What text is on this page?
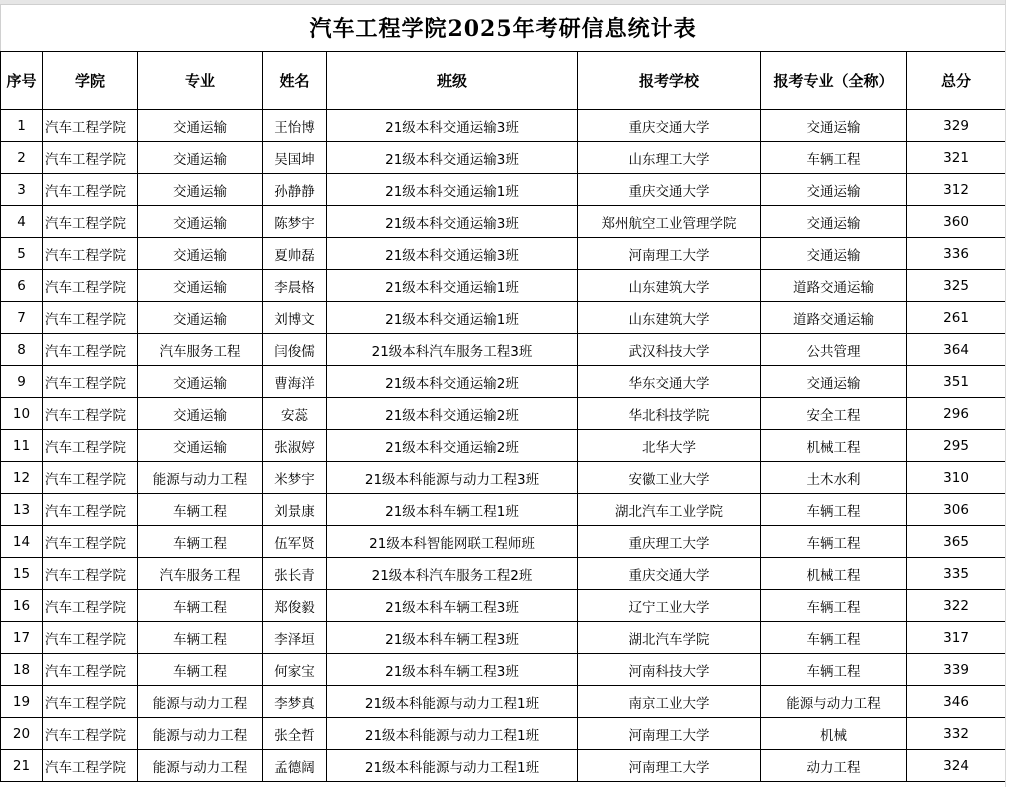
汽车工程学院2025年考研信息统计表							
序号	学院	专业	姓名	班级	报考学校	报考专业（全称）	总分
1	汽车工程学院	交通运输	王怡博	21级本科交通运输3班	重庆交通大学	交通运输	329
2	汽车工程学院	交通运输	吴国坤	21级本科交通运输3班	山东理工大学	车辆工程	321
3	汽车工程学院	交通运输	孙静静	21级本科交通运输1班	重庆交通大学	交通运输	312
4	汽车工程学院	交通运输	陈梦宇	21级本科交通运输3班	郑州航空工业管理学院	交通运输	360
5	汽车工程学院	交通运输	夏帅磊	21级本科交通运输3班	河南理工大学	交通运输	336
6	汽车工程学院	交通运输	李晨格	21级本科交通运输1班	山东建筑大学	道路交通运输	325
7	汽车工程学院	交通运输	刘博文	21级本科交通运输1班	山东建筑大学	道路交通运输	261
8	汽车工程学院	汽车服务工程	闫俊儒	21级本科汽车服务工程3班	武汉科技大学	公共管理	364
9	汽车工程学院	交通运输	曹海洋	21级本科交通运输2班	华东交通大学	交通运输	351
10	汽车工程学院	交通运输	安蕊	21级本科交通运输2班	华北科技学院	安全工程	296
11	汽车工程学院	交通运输	张淑婷	21级本科交通运输2班	北华大学	机械工程	295
12	汽车工程学院	能源与动力工程	米梦宇	21级本科能源与动力工程3班	安徽工业大学	土木水利	310
13	汽车工程学院	车辆工程	刘景康	21级本科车辆工程1班	湖北汽车工业学院	车辆工程	306
14	汽车工程学院	车辆工程	伍军贤	21级本科智能网联工程师班	重庆理工大学	车辆工程	365
15	汽车工程学院	汽车服务工程	张长青	21级本科汽车服务工程2班	重庆交通大学	机械工程	335
16	汽车工程学院	车辆工程	郑俊毅	21级本科车辆工程3班	辽宁工业大学	车辆工程	322
17	汽车工程学院	车辆工程	李泽垣	21级本科车辆工程3班	湖北汽车学院	车辆工程	317
18	汽车工程学院	车辆工程	何家宝	21级本科车辆工程3班	河南科技大学	车辆工程	339
19	汽车工程学院	能源与动力工程	李梦真	21级本科能源与动力工程1班	南京工业大学	能源与动力工程	346
20	汽车工程学院	能源与动力工程	张全哲	21级本科能源与动力工程1班	河南理工大学	机械	332
21	汽车工程学院	能源与动力工程	孟德阔	21级本科能源与动力工程1班	河南理工大学	动力工程	324
